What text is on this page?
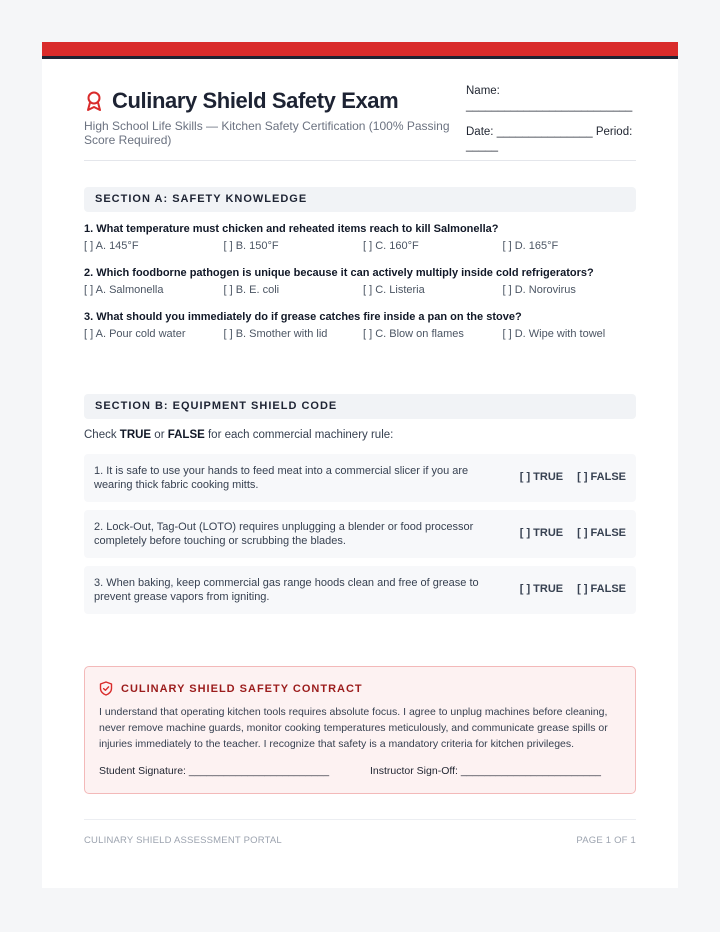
Culinary Shield Safety Exam
High School Life Skills — Kitchen Safety Certification (100% Passing Score Required)
Name:
__________________________
Date: _______________ Period: _____
SECTION A: SAFETY KNOWLEDGE
1. What temperature must chicken and reheated items reach to kill Salmonella?
[ ] A. 145°F	[ ] B. 150°F	[ ] C. 160°F	[ ] D. 165°F
2. Which foodborne pathogen is unique because it can actively multiply inside cold refrigerators?
[ ] A. Salmonella	[ ] B. E. coli	[ ] C. Listeria	[ ] D. Norovirus
3. What should you immediately do if grease catches fire inside a pan on the stove?
[ ] A. Pour cold water	[ ] B. Smother with lid	[ ] C. Blow on flames	[ ] D. Wipe with towel
SECTION B: EQUIPMENT SHIELD CODE
Check TRUE or FALSE for each commercial machinery rule:
1. It is safe to use your hands to feed meat into a commercial slicer if you are wearing thick fabric cooking mitts.
[ ] TRUE [ ] FALSE
2. Lock-Out, Tag-Out (LOTO) requires unplugging a blender or food processor completely before touching or scrubbing the blades.
[ ] TRUE [ ] FALSE
3. When baking, keep commercial gas range hoods clean and free of grease to prevent grease vapors from igniting.
[ ] TRUE [ ] FALSE
CULINARY SHIELD SAFETY CONTRACT
I understand that operating kitchen tools requires absolute focus. I agree to unplug machines before cleaning, never remove machine guards, monitor cooking temperatures meticulously, and communicate grease spills or injuries immediately to the teacher. I recognize that safety is a mandatory criteria for kitchen privileges.
Student Signature: ________________________	Instructor Sign-Off: ________________________
CULINARY SHIELD ASSESSMENT PORTAL	PAGE 1 OF 1
